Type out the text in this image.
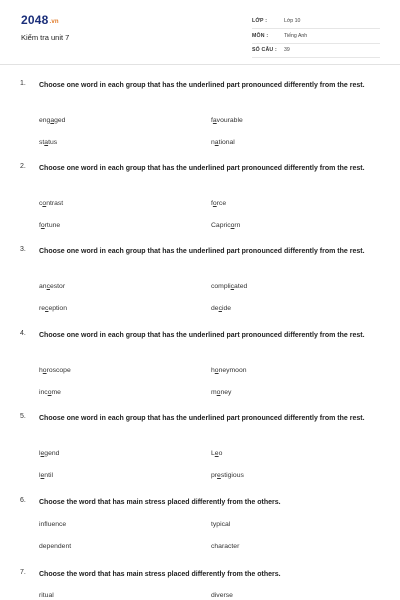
2048.vn
Kiểm tra unit 7
LỚP :	Lớp 10
MÔN :	Tiếng Anh
SỐ CÂU : 39
1. Choose one word in each group that has the underlined part pronounced differently from the rest.
engaged	favourable
status	national
2. Choose one word in each group that has the underlined part pronounced differently from the rest.
contrast	force
fortune	Capricorn
3. Choose one word in each group that has the underlined part pronounced differently from the rest.
ancestor	complicated
reception	decide
4. Choose one word in each group that has the underlined part pronounced differently from the rest.
horoscope	honeymoon
income	money
5. Choose one word in each group that has the underlined part pronounced differently from the rest.
legend	Leo
lentil	prestigious
6. Choose the word that has main stress placed differently from the others.
influence	typical
dependent	character
7. Choose the word that has main stress placed differently from the others.
ritual	diverse
